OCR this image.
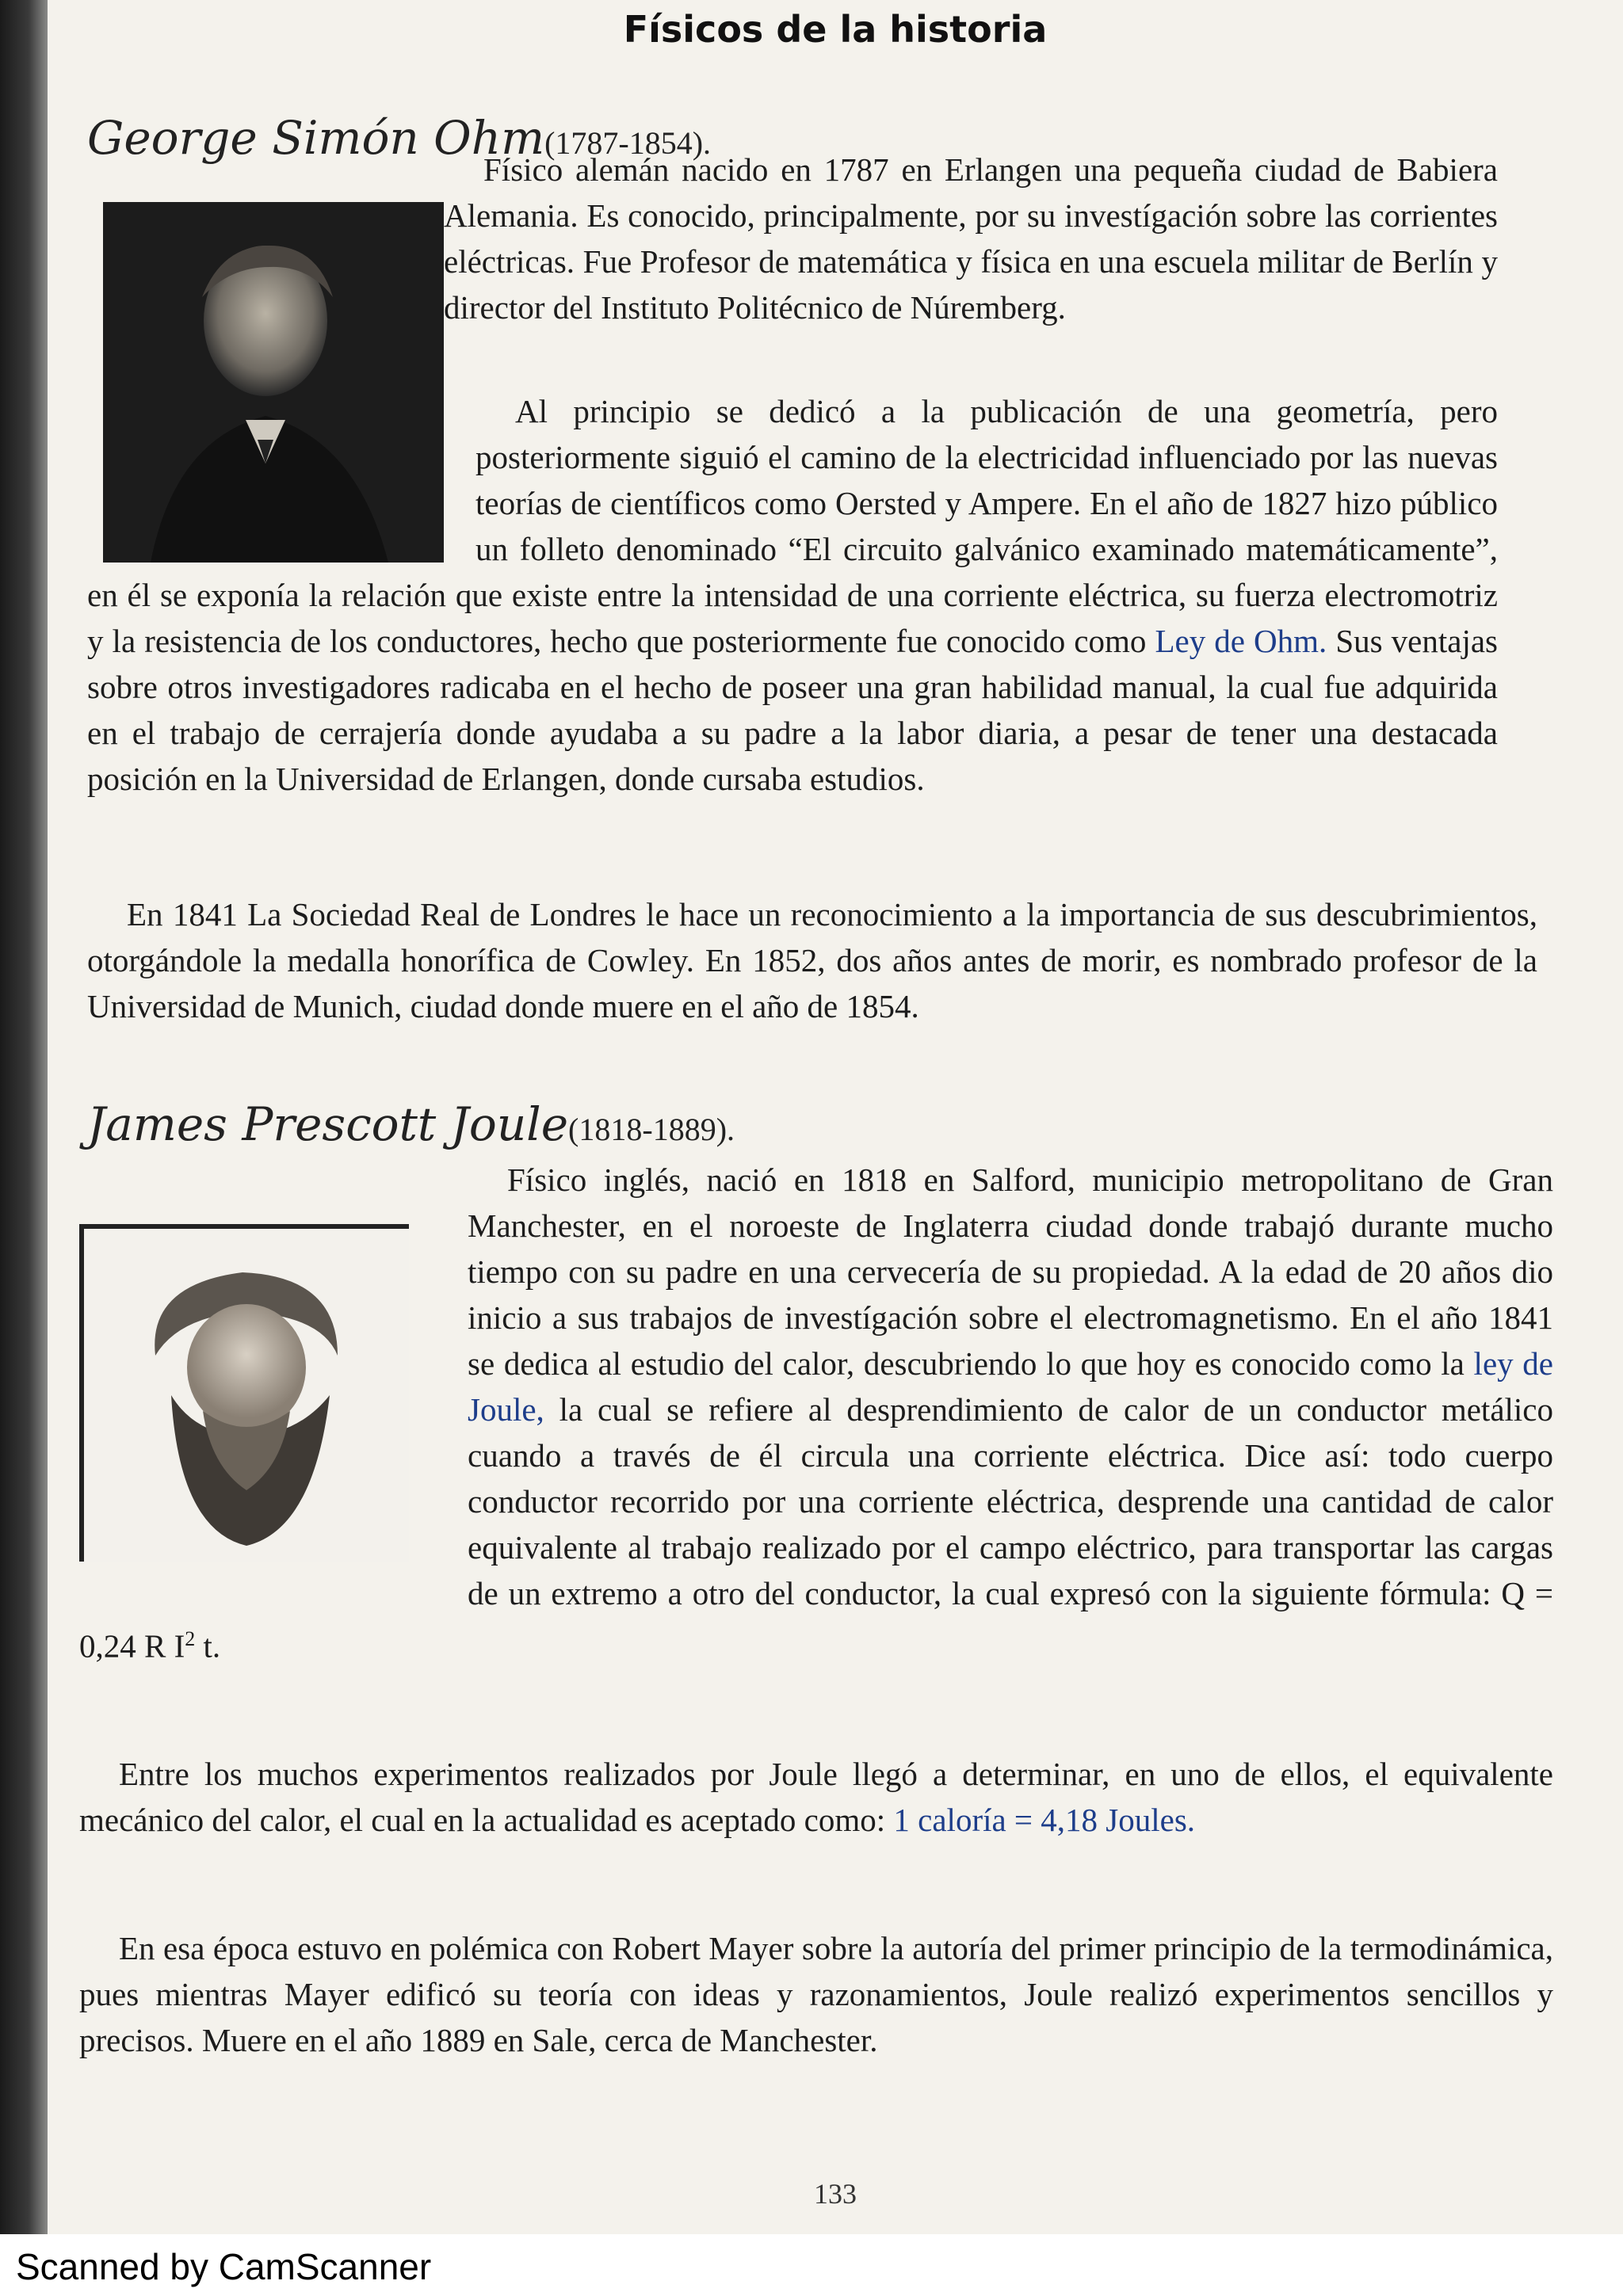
Físicos de la historia
George Simón Ohm(1787-1854).

Físico alemán nacido en 1787 en Erlangen una pequeña ciudad de Babiera Alemania. Es conocido, principalmente, por su investígación sobre las corrientes eléctricas. Fue Profesor de matemática y física en una escuela militar de Berlín y director del Instituto Politécnico de Núremberg.

Al principio se dedicó a la publicación de una geometría, pero posteriormente siguió el camino de la electricidad influenciado por las nuevas teorías de científicos como Oersted y Ampere. En el año de 1827 hizo público un folleto denominado “El circuito galvánico examinado matemáticamente”, en él se exponía la relación que existe entre la intensidad de una corriente eléctrica, su fuerza electromotriz y la resistencia de los conductores, hecho que posteriormente fue conocido como Ley de Ohm. Sus ventajas sobre otros investigadores radicaba en el hecho de poseer una gran habilidad manual, la cual fue adquirida en el trabajo de cerrajería donde ayudaba a su padre a la labor diaria, a pesar de tener una destacada posición en la Universidad de Erlangen, donde cursaba estudios.

En 1841 La Sociedad Real de Londres le hace un reconocimiento a la importancia de sus descubrimientos, otorgándole la medalla honorífica de Cowley. En 1852, dos años antes de morir, es nombrado profesor de la Universidad de Munich, ciudad donde muere en el año de 1854.

James Prescott Joule(1818-1889).

Físico inglés, nació en 1818 en Salford, municipio metropolitano de Gran Manchester, en el noroeste de Inglaterra ciudad donde trabajó durante mucho tiempo con su padre en una cervecería de su propiedad. A la edad de 20 años dio inicio a sus trabajos de investígación sobre el electromagnetismo. En el año 1841 se dedica al estudio del calor, descubriendo lo que hoy es conocido como la ley de Joule, la cual se refiere al desprendimiento de calor de un conductor metálico cuando a través de él circula una corriente eléctrica. Dice así: todo cuerpo conductor recorrido por una corriente eléctrica, desprende una cantidad de calor equivalente al trabajo realizado por el campo eléctrico, para transportar las cargas de un extremo a otro del conductor, la cual expresó con la siguiente fórmula: Q = 0,24 R $I^2$ t.

Entre los muchos experimentos realizados por Joule llegó a determinar, en uno de ellos, el equivalente mecánico del calor, el cual en la actualidad es aceptado como: 1 caloría = 4,18 Joules.

En esa época estuvo en polémica con Robert Mayer sobre la autoría del primer principio de la termodinámica, pues mientras Mayer edificó su teoría con ideas y razonamientos, Joule realizó experimentos sencillos y precisos. Muere en el año 1889 en Sale, cerca de Manchester.

133
Scanned by CamScanner
